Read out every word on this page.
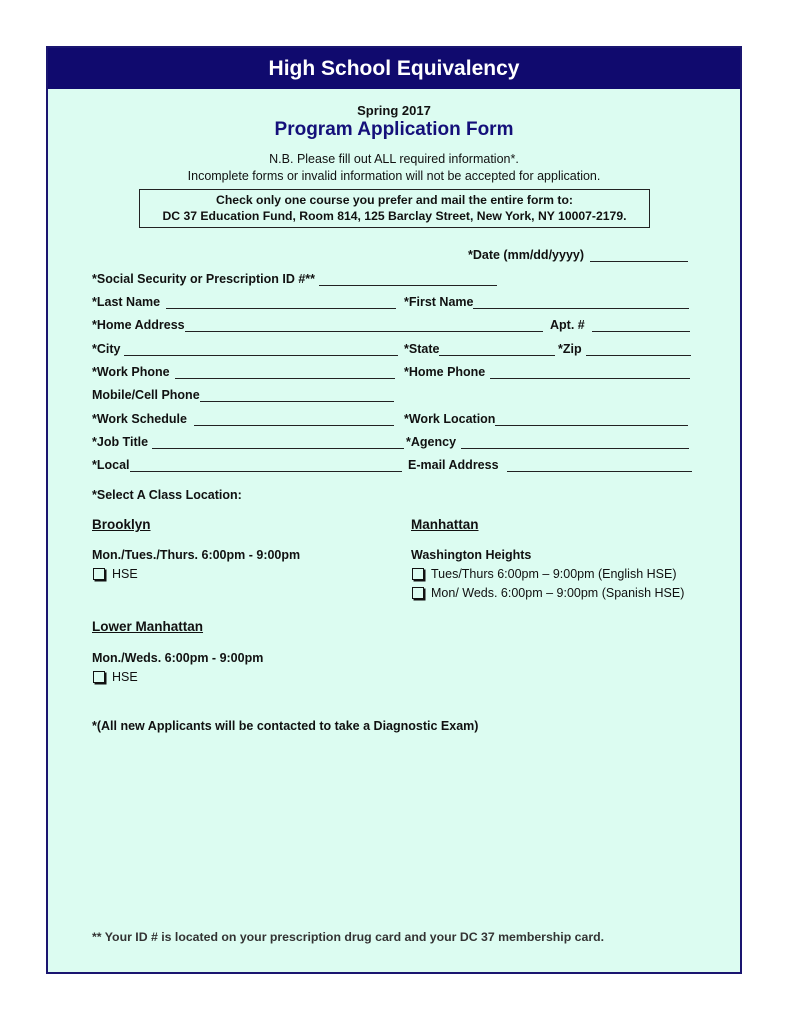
High School Equivalency
Spring 2017
Program Application Form
N.B. Please fill out ALL required information*.
Incomplete forms or invalid information will not be accepted for application.
Check only one course you prefer and mail the entire form to:
DC 37 Education Fund, Room 814, 125 Barclay Street, New York, NY 10007-2179.
*Date (mm/dd/yyyy)
*Social Security or Prescription ID #**
*Last Name	*First Name
*Home Address	Apt. #
*City	*State	*Zip
*Work Phone	*Home Phone
Mobile/Cell Phone
*Work Schedule	*Work Location
*Job Title	*Agency
*Local	E-mail Address
*Select A Class Location:
Brooklyn
Mon./Tues./Thurs. 6:00pm - 9:00pm
HSE
Manhattan
Washington Heights
Tues/Thurs 6:00pm – 9:00pm (English HSE)
Mon/ Weds. 6:00pm – 9:00pm (Spanish HSE)
Lower Manhattan
Mon./Weds. 6:00pm - 9:00pm
HSE
*(All new Applicants will be contacted to take a Diagnostic Exam)
** Your ID # is located on your prescription drug card and your DC 37 membership card.
